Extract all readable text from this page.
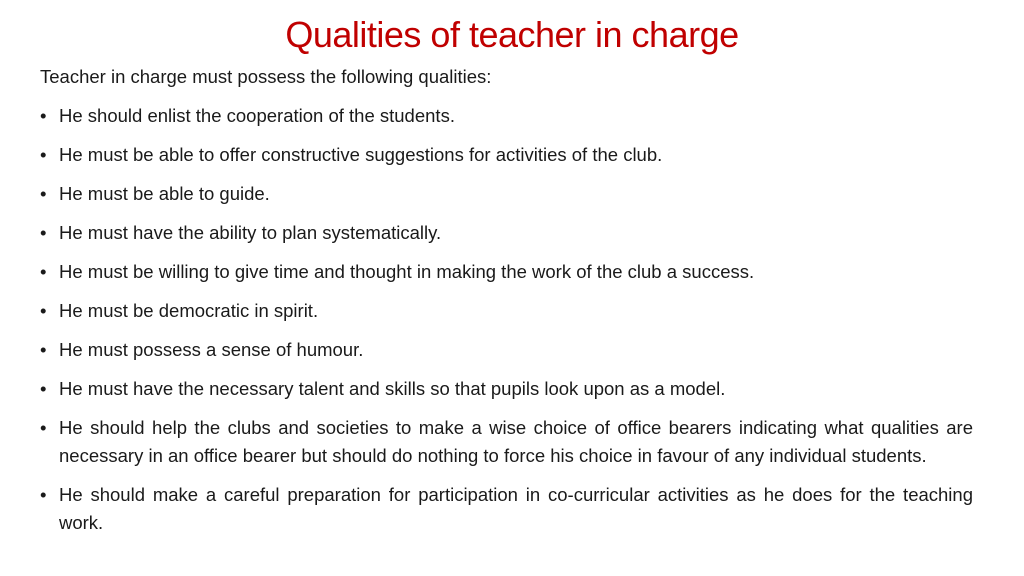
Qualities of teacher in charge
Teacher in charge must possess the following qualities:
• He should enlist the cooperation of the students.
• He must be able to offer constructive suggestions for activities of the club.
• He must be able to guide.
• He must have the ability to plan systematically.
• He must be willing to give time and thought in making the work of the club a success.
• He must be democratic in spirit.
• He must possess a sense of humour.
• He must have the necessary talent and skills so that pupils look upon as a model.
• He should help the clubs and societies to make a wise choice of office bearers indicating what qualities are necessary in an office bearer but should do nothing to force his choice in favour of any individual students.
• He should make a careful preparation for participation in co-curricular activities as he does for the teaching work.
